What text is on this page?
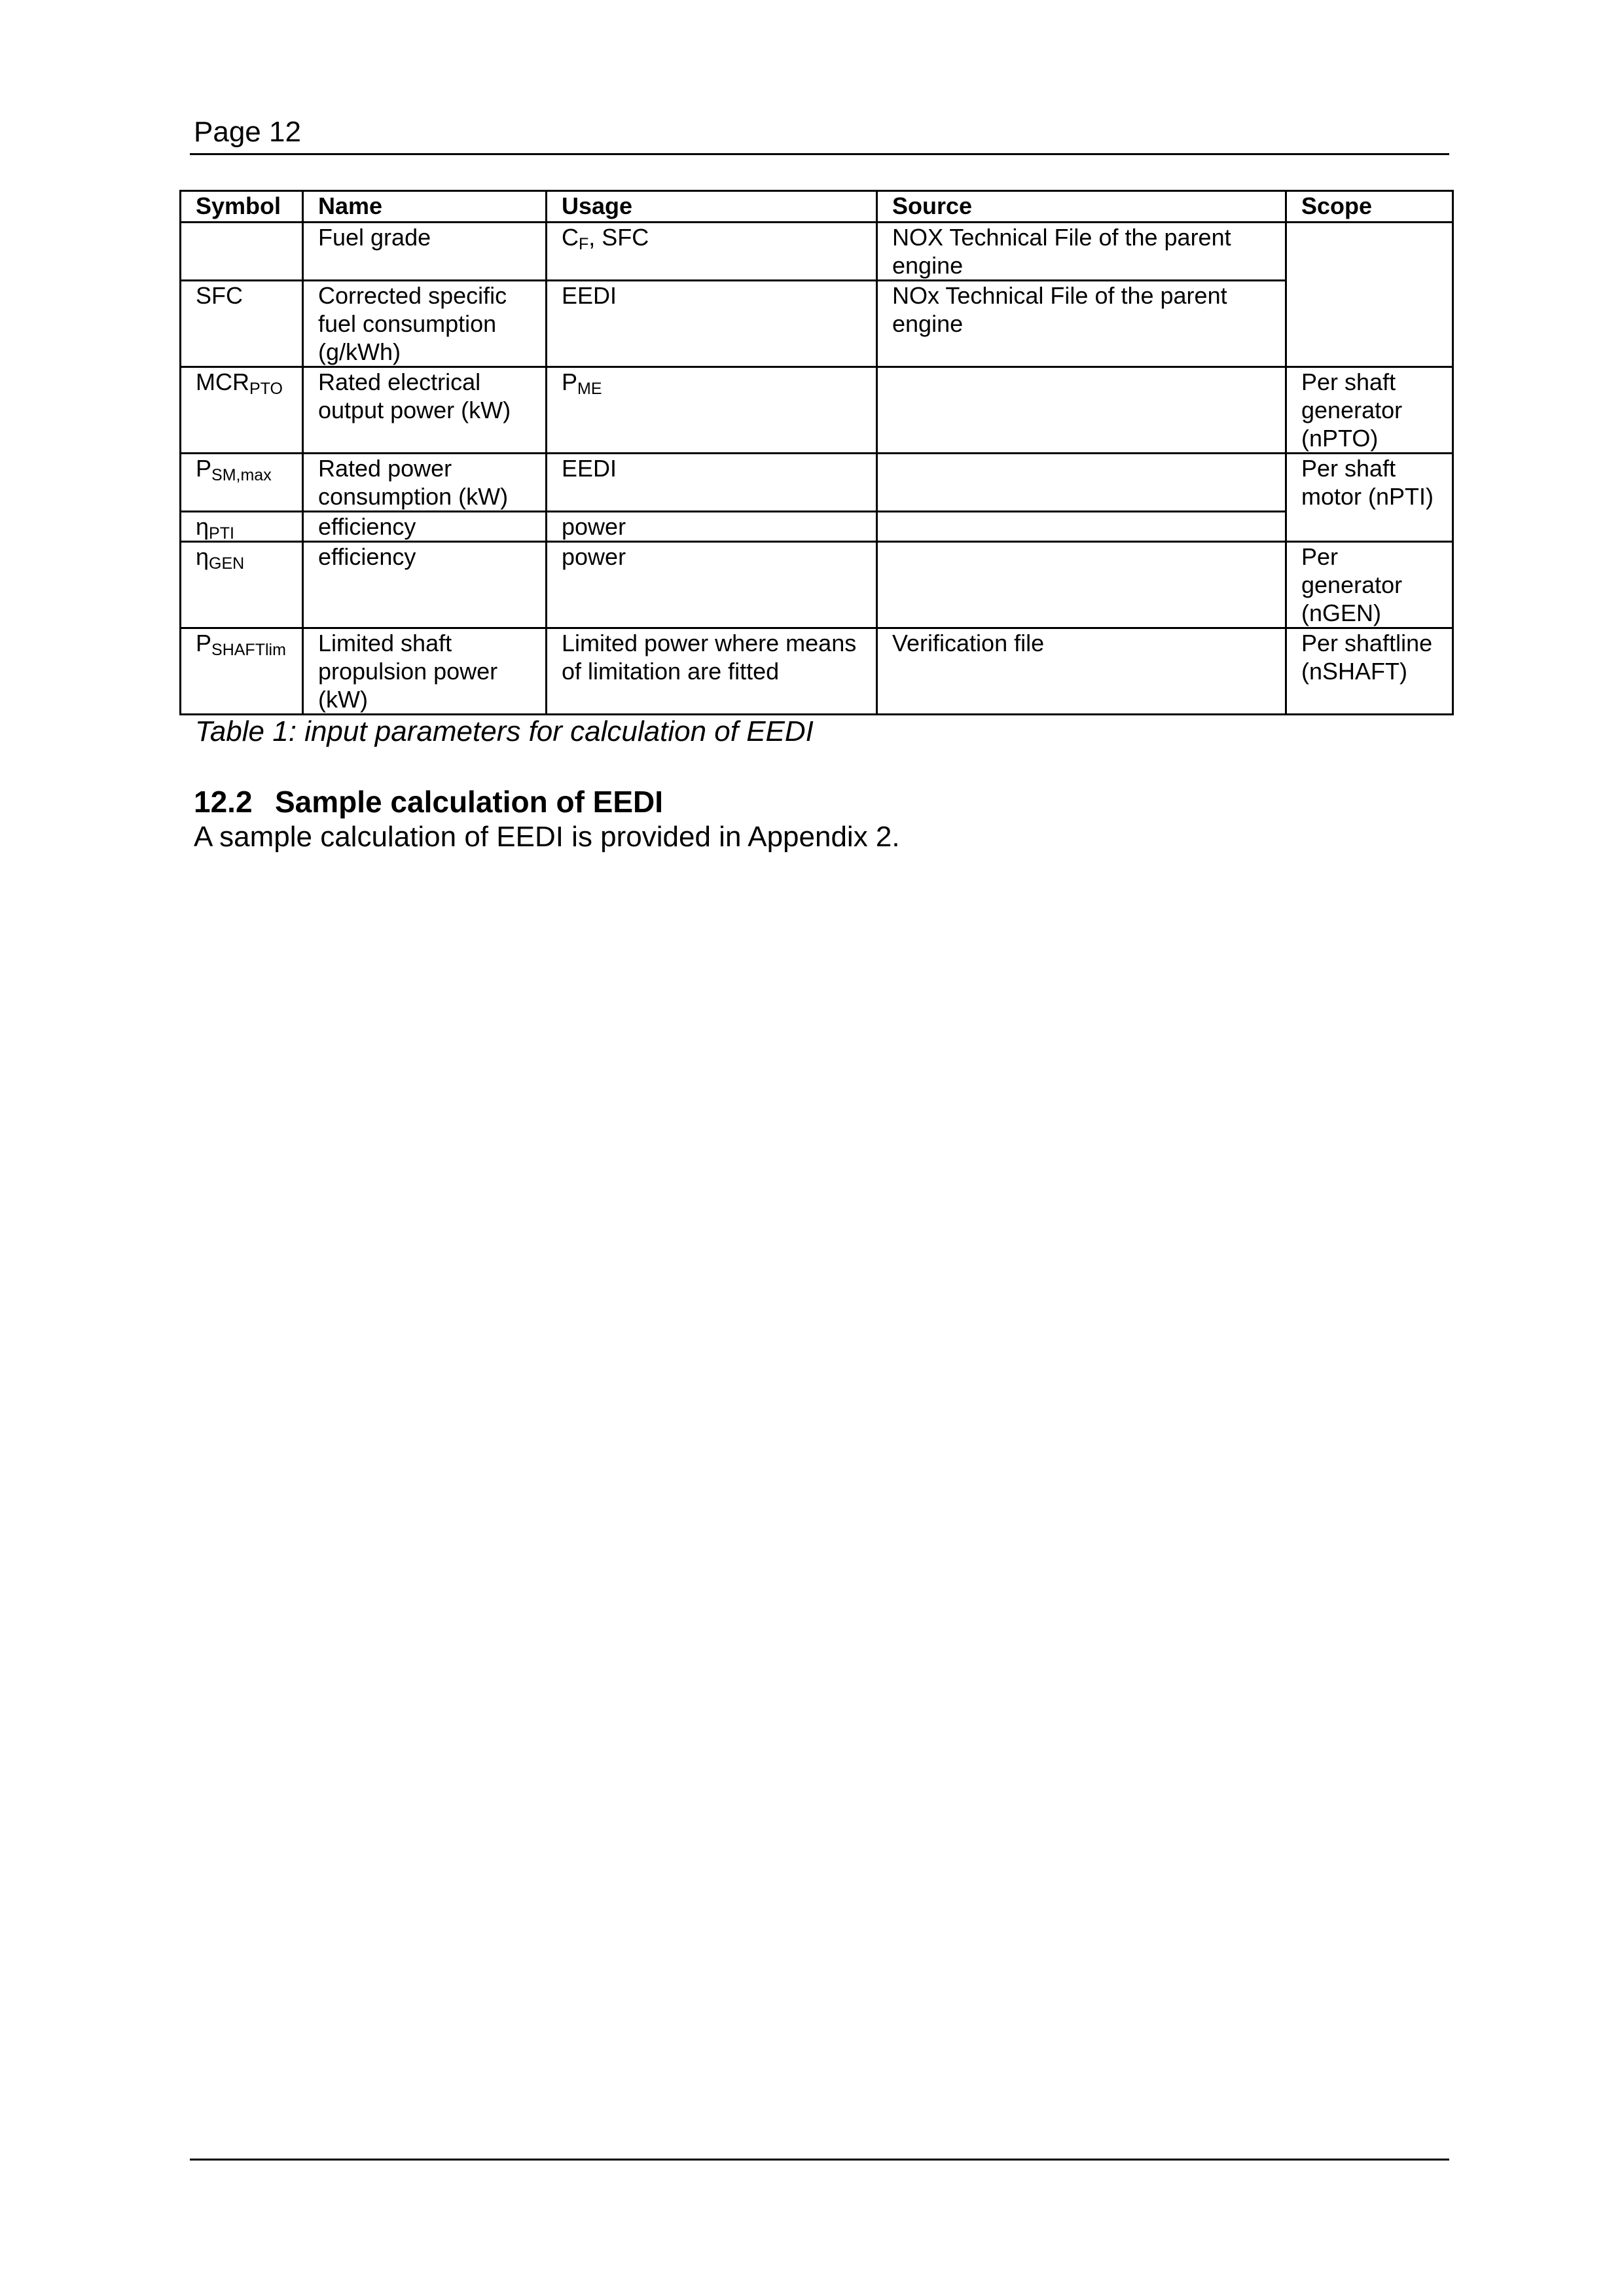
Page 12
Symbol	Name	Usage	Source	Scope
	Fuel grade	$C_F$, SFC	NOX Technical File of the parent engine	
SFC	Corrected specific fuel consumption (g/kWh)	EEDI	NOx Technical File of the parent engine	
$MCR_{PTO}$	Rated electrical output power (kW)	$P_{ME}$		Per shaft generator (nPTO)
$P_{SM,max}$	Rated power consumption (kW)	EEDI		Per shaft motor (nPTI)
$\eta_{PTI}$	efficiency	power		
$\eta_{GEN}$	efficiency	power		Per generator (nGEN)
$P_{SHAFTlim}$	Limited shaft propulsion power (kW)	Limited power where means of limitation are fitted	Verification file	Per shaftline (nSHAFT)
Table 1: input parameters for calculation of EEDI
12.2 Sample calculation of EEDI
A sample calculation of EEDI is provided in Appendix 2.
